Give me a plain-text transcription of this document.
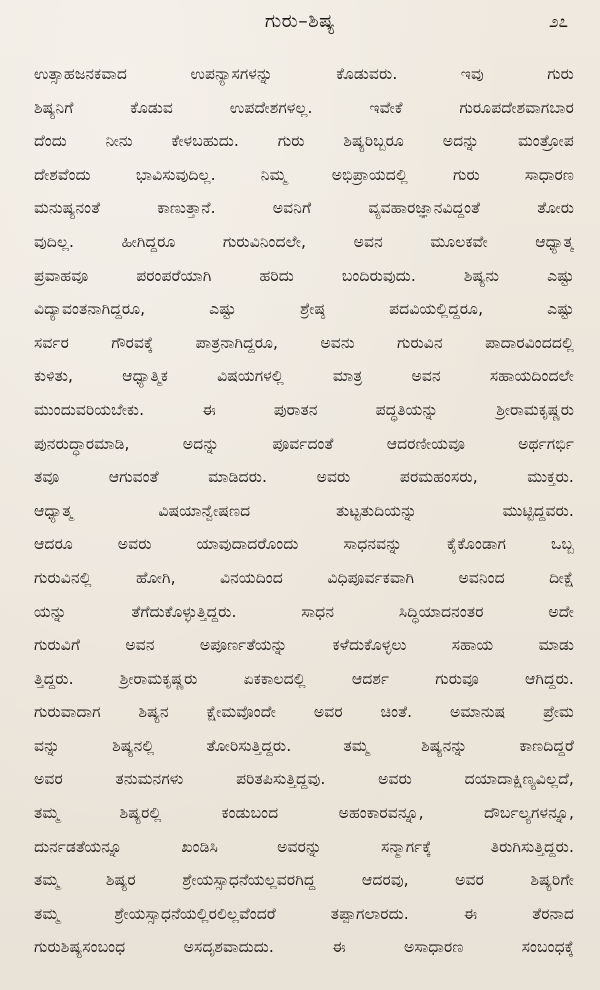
ಗುರು–ಶಿಷ್ಯ	೨೭
ಉತ್ಸಾಹಜನಕವಾದ ಉಪನ್ಯಾಸಗಳನ್ನು ಕೊಡುವರು. ಇವು ಗುರು
ಶಿಷ್ಯನಿಗೆ ಕೊಡುವ ಉಪದೇಶಗಳಲ್ಲ. ಇವೇಕೆ ಗುರೂಪದೇಶವಾಗಬಾರ
ದೆಂದು ನೀನು ಕೇಳಬಹುದು. ಗುರು ಶಿಷ್ಯರಿಬ್ಬರೂ ಅದನ್ನು ಮಂತ್ರೋಪ
ದೇಶವೆಂದು ಭಾವಿಸುವುದಿಲ್ಲ. ನಿಮ್ಮ ಅಭಿಪ್ರಾಯದಲ್ಲಿ ಗುರು ಸಾಧಾರಣ
ಮನುಷ್ಯನಂತೆ ಕಾಣುತ್ತಾನೆ. ಅವನಿಗೆ ವ್ಯವಹಾರಜ್ಞಾನವಿದ್ದಂತೆ ತೋರು
ವುದಿಲ್ಲ. ಹೀಗಿದ್ದರೂ ಗುರುವಿನಿಂದಲೇ, ಅವನ ಮೂಲಕವೇ ಆಧ್ಯಾತ್ಮ
ಪ್ರವಾಹವೂ ಪರಂಪರೆಯಾಗಿ ಹರಿದು ಬಂದಿರುವುದು. ಶಿಷ್ಯನು ಎಷ್ಟು
ವಿದ್ಯಾವಂತನಾಗಿದ್ದರೂ, ಎಷ್ಟು ಶ್ರೇಷ್ಠ ಪದವಿಯಲ್ಲಿದ್ದರೂ, ಎಷ್ಟು
ಸರ್ವರ ಗೌರವಕ್ಕೆ ಪಾತ್ರನಾಗಿದ್ದರೂ, ಅವನು ಗುರುವಿನ ಪಾದಾರವಿಂದದಲ್ಲಿ
ಕುಳಿತು, ಆಧ್ಯಾತ್ಮಿಕ ವಿಷಯಗಳಲ್ಲಿ ಮಾತ್ರ ಅವನ ಸಹಾಯದಿಂದಲೇ
ಮುಂದುವರಿಯಬೇಕು. ಈ ಪುರಾತನ ಪದ್ಧತಿಯನ್ನು ಶ್ರೀರಾಮಕೃಷ್ಣರು
ಪುನರುದ್ಧಾರಮಾಡಿ, ಅದನ್ನು ಪೂರ್ವದಂತೆ ಆದರಣೀಯವೂ ಅರ್ಥಗರ್ಭಿ
ತವೂ ಆಗುವಂತೆ ಮಾಡಿದರು. ಅವರು ಪರಮಹಂಸರು, ಮುಕ್ತರು.
ಆಧ್ಯಾತ್ಮ ವಿಷಯಾನ್ವೇಷಣದ ತುಟ್ಟತುದಿಯನ್ನು ಮುಟ್ಟಿದ್ದವರು.
ಆದರೂ ಅವರು ಯಾವುದಾದರೊಂದು ಸಾಧನವನ್ನು ಕೈಕೊಂಡಾಗ ಒಬ್ಬ
ಗುರುವಿನಲ್ಲಿ ಹೋಗಿ, ವಿನಯದಿಂದ ವಿಧಿಪೂರ್ವಕವಾಗಿ ಅವನಿಂದ ದೀಕ್ಷೆ
ಯನ್ನು ತೆಗೆದುಕೊಳ್ಳುತ್ತಿದ್ದರು. ಸಾಧನ ಸಿದ್ಧಿಯಾದನಂತರ ಅದೇ
ಗುರುವಿಗೆ ಅವನ ಅಪೂರ್ಣತೆಯನ್ನು ಕಳೆದುಕೊಳ್ಳಲು ಸಹಾಯ ಮಾಡು
ತ್ತಿದ್ದರು. ಶ್ರೀರಾಮಕೃಷ್ಣರು ಏಕಕಾಲದಲ್ಲಿ ಆದರ್ಶ ಗುರುವೂ ಆಗಿದ್ದರು.
ಗುರುವಾದಾಗ ಶಿಷ್ಯನ ಕ್ಷೇಮವೊಂದೇ ಅವರ ಚಿಂತೆ. ಅಮಾನುಷ ಪ್ರೇಮ
ವನ್ನು ಶಿಷ್ಯನಲ್ಲಿ ತೋರಿಸುತ್ತಿದ್ದರು. ತಮ್ಮ ಶಿಷ್ಯನನ್ನು ಕಾಣದಿದ್ದರೆ
ಅವರ ತನುಮನಗಳು ಪರಿತಪಿಸುತ್ತಿದ್ದವು. ಅವರು ದಯಾದಾಕ್ಷಿಣ್ಯವಿಲ್ಲದೆ,
ತಮ್ಮ ಶಿಷ್ಯರಲ್ಲಿ ಕಂಡುಬಂದ ಅಹಂಕಾರವನ್ನೂ, ದೌರ್ಬಲ್ಯಗಳನ್ನೂ,
ದುರ್ನಡತೆಯನ್ನೂ ಖಂಡಿಸಿ ಅವರನ್ನು ಸನ್ಮಾರ್ಗಕ್ಕೆ ತಿರುಗಿಸುತ್ತಿದ್ದರು.
ತಮ್ಮ ಶಿಷ್ಯರ ಶ್ರೇಯಸ್ಸಾಧನೆಯಲ್ಲವರಗಿದ್ದ ಆದರವು, ಅವರ ಶಿಷ್ಯರಿಗೇ
ತಮ್ಮ ಶ್ರೇಯಸ್ಸಾಧನೆಯಲ್ಲಿರಲಿಲ್ಲವೆಂದರೆ ತಪ್ಪಾಗಲಾರದು. ಈ ತೆರನಾದ
ಗುರುಶಿಷ್ಯಸಂಬಂಧ ಅಸದೃಶವಾದುದು. ಈ ಅಸಾಧಾರಣ ಸಂಬಂಧಕ್ಕೆ
